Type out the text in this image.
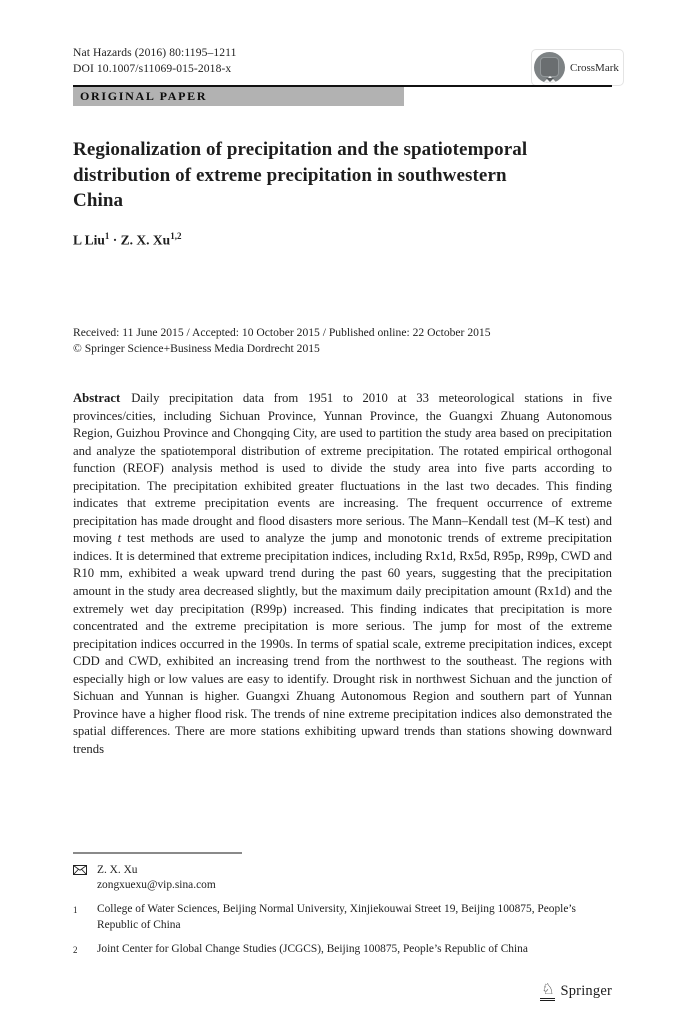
Nat Hazards (2016) 80:1195–1211
DOI 10.1007/s11069-015-2018-x	CrossMark
ORIGINAL PAPER
Regionalization of precipitation and the spatiotemporal distribution of extreme precipitation in southwestern China
L Liu$^1$ · Z. X. Xu$^{1,2}$
Received: 11 June 2015 / Accepted: 10 October 2015 / Published online: 22 October 2015
© Springer Science+Business Media Dordrecht 2015

Abstract Daily precipitation data from 1951 to 2010 at 33 meteorological stations in five provinces/cities, including Sichuan Province, Yunnan Province, the Guangxi Zhuang Autonomous Region, Guizhou Province and Chongqing City, are used to partition the study area based on precipitation and analyze the spatiotemporal distribution of extreme precipitation. The rotated empirical orthogonal function (REOF) analysis method is used to divide the study area into five parts according to precipitation. The precipitation exhibited greater fluctuations in the last two decades. This finding indicates that extreme precipitation events are increasing. The frequent occurrence of extreme precipitation has made drought and flood disasters more serious. The Mann–Kendall test (M–K test) and moving t test methods are used to analyze the jump and monotonic trends of extreme precipitation indices. It is determined that extreme precipitation indices, including Rx1d, Rx5d, R95p, R99p, CWD and R10 mm, exhibited a weak upward trend during the past 60 years, suggesting that the precipitation amount in the study area decreased slightly, but the maximum daily precipitation amount (Rx1d) and the extremely wet day precipitation (R99p) increased. This finding indicates that precipitation is more concentrated and the extreme precipitation is more serious. The jump for most of the extreme precipitation indices occurred in the 1990s. In terms of spatial scale, extreme precipitation indices, except CDD and CWD, exhibited an increasing trend from the northwest to the southeast. The regions with especially high or low values are easy to identify. Drought risk in northwest Sichuan and the junction of Sichuan and Yunnan is higher. Guangxi Zhuang Autonomous Region and southern part of Yunnan Province have a higher flood risk. The trends of nine extreme precipitation indices also demonstrated the spatial differences. There are more stations exhibiting upward trends than stations showing downward trends

Z. X. Xu
zongxuexu@vip.sina.com
1	College of Water Sciences, Beijing Normal University, Xinjiekouwai Street 19, Beijing 100875, People’s Republic of China
2	Joint Center for Global Change Studies (JCGCS), Beijing 100875, People’s Republic of China
♘ Springer
